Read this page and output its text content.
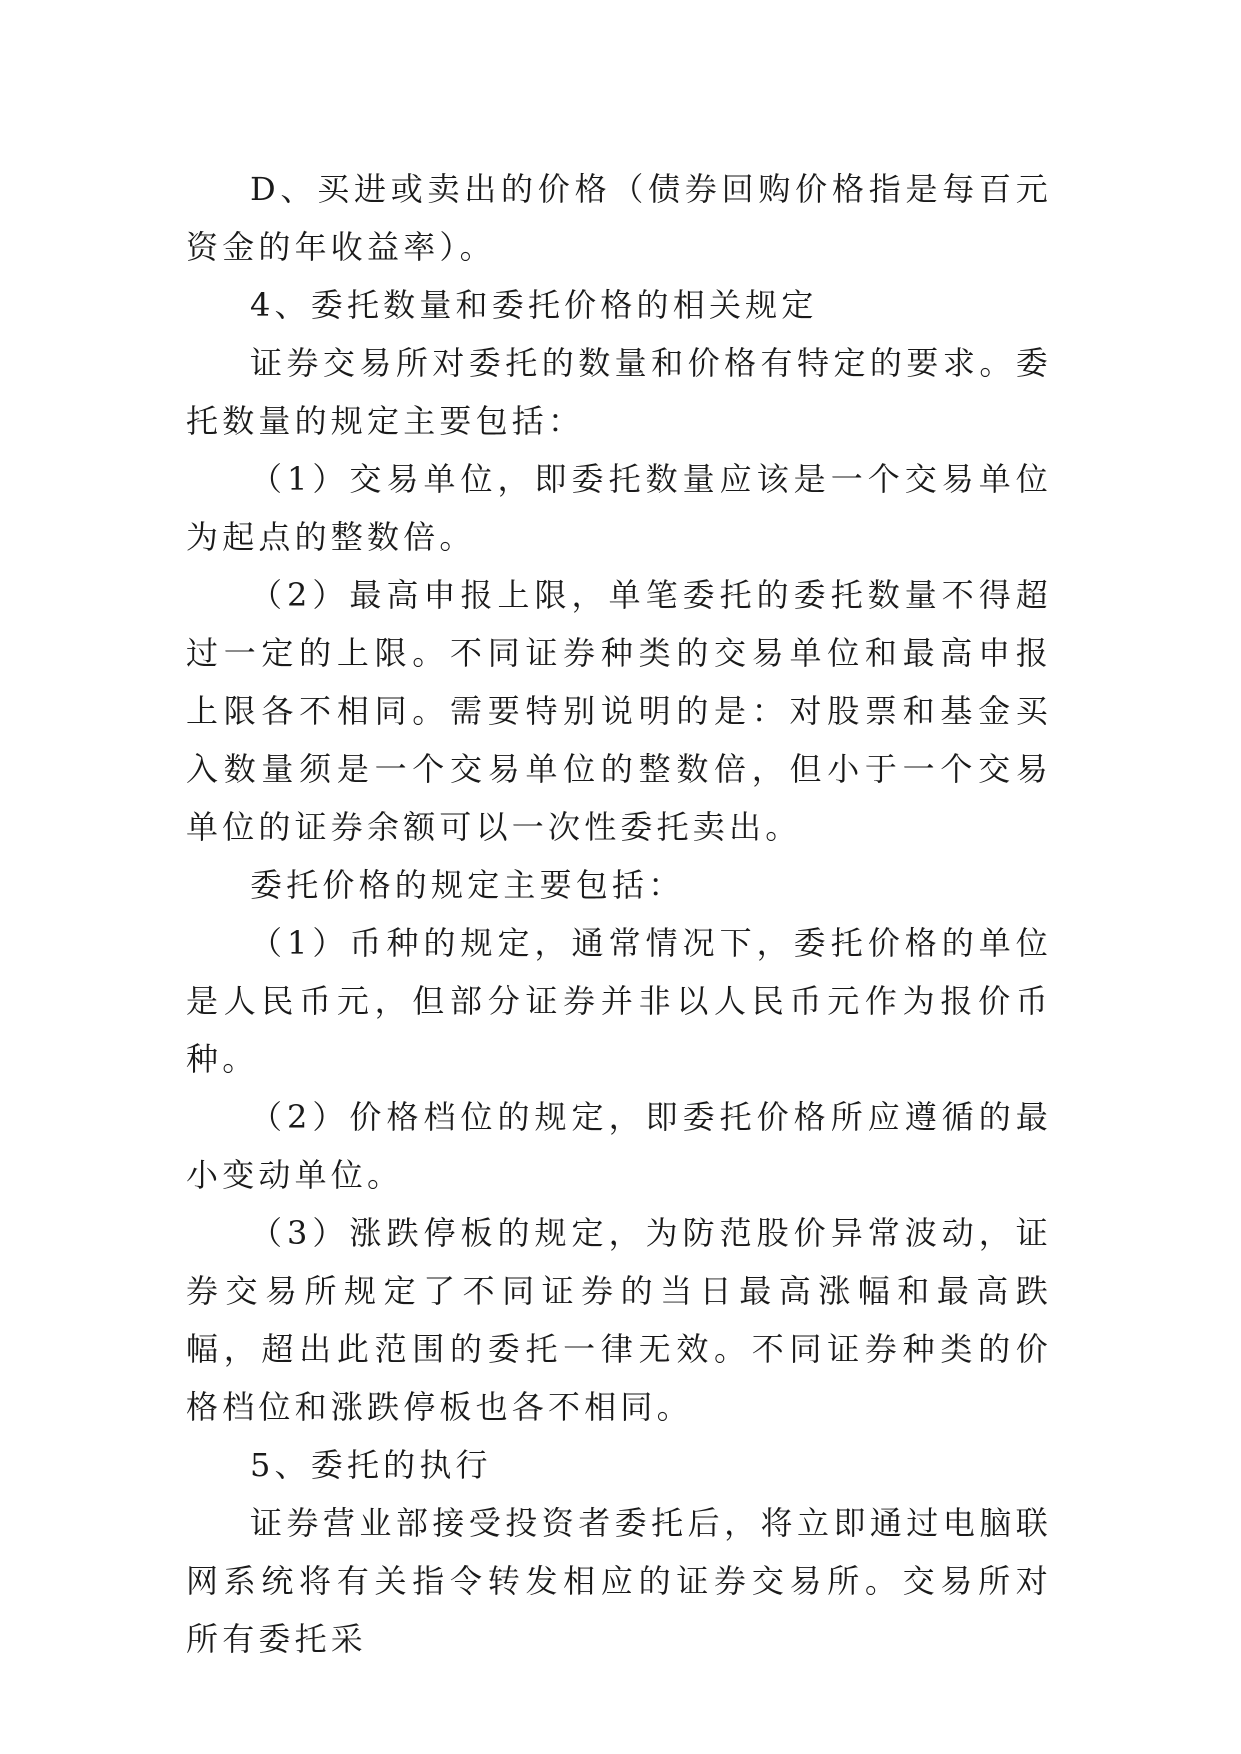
D、买进或卖出的价格（债券回购价格指是每百元资金的年收益率）。

4、委托数量和委托价格的相关规定

证券交易所对委托的数量和价格有特定的要求。委托数量的规定主要包括：

（1）交易单位，即委托数量应该是一个交易单位为起点的整数倍。

（2）最高申报上限，单笔委托的委托数量不得超过一定的上限。不同证券种类的交易单位和最高申报上限各不相同。需要特别说明的是：对股票和基金买入数量须是一个交易单位的整数倍，但小于一个交易单位的证券余额可以一次性委托卖出。

委托价格的规定主要包括：

（1）币种的规定，通常情况下，委托价格的单位是人民币元，但部分证券并非以人民币元作为报价币种。

（2）价格档位的规定，即委托价格所应遵循的最小变动单位。

（3）涨跌停板的规定，为防范股价异常波动，证券交易所规定了不同证券的当日最高涨幅和最高跌幅，超出此范围的委托一律无效。不同证券种类的价格档位和涨跌停板也各不相同。

5、委托的执行

证券营业部接受投资者委托后，将立即通过电脑联网系统将有关指令转发相应的证券交易所。交易所对所有委托采
